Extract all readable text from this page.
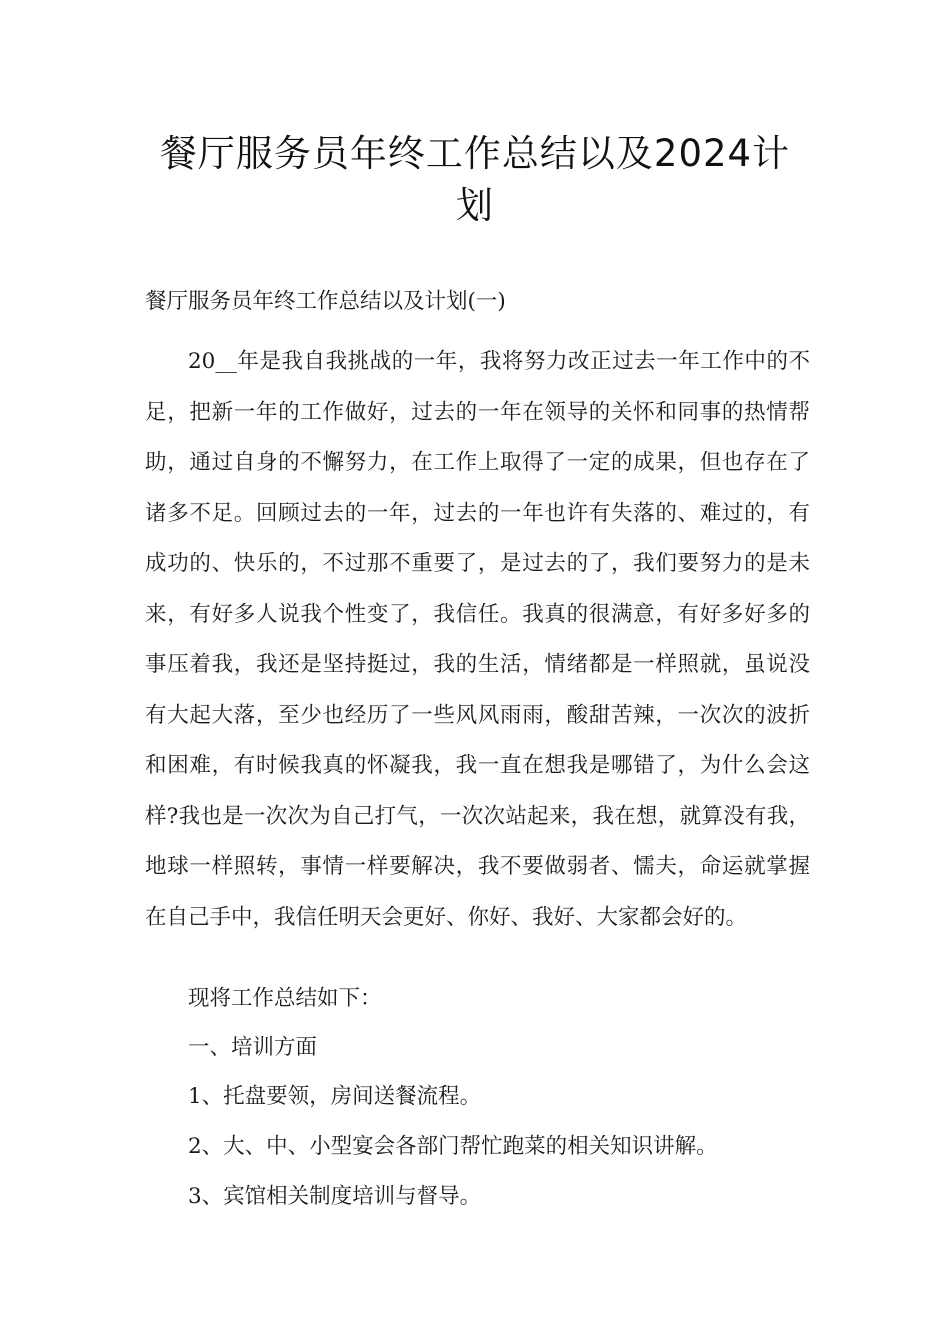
餐厅服务员年终工作总结以及2024计划
餐厅服务员年终工作总结以及计划(一)

20__年是我自我挑战的一年，我将努力改正过去一年工作中的不足，把新一年的工作做好，过去的一年在领导的关怀和同事的热情帮助，通过自身的不懈努力，在工作上取得了一定的成果，但也存在了诸多不足。回顾过去的一年，过去的一年也许有失落的、难过的，有成功的、快乐的，不过那不重要了，是过去的了，我们要努力的是未来，有好多人说我个性变了，我信任。我真的很满意，有好多好多的事压着我，我还是坚持挺过，我的生活，情绪都是一样照就，虽说没有大起大落，至少也经历了一些风风雨雨，酸甜苦辣，一次次的波折和困难，有时候我真的怀凝我，我一直在想我是哪错了，为什么会这样?我也是一次次为自己打气，一次次站起来，我在想，就算没有我，地球一样照转，事情一样要解决，我不要做弱者、懦夫，命运就掌握在自己手中，我信任明天会更好、你好、我好、大家都会好的。

现将工作总结如下：
一、培训方面
1、托盘要领，房间送餐流程。
2、大、中、小型宴会各部门帮忙跑菜的相关知识讲解。
3、宾馆相关制度培训与督导。
